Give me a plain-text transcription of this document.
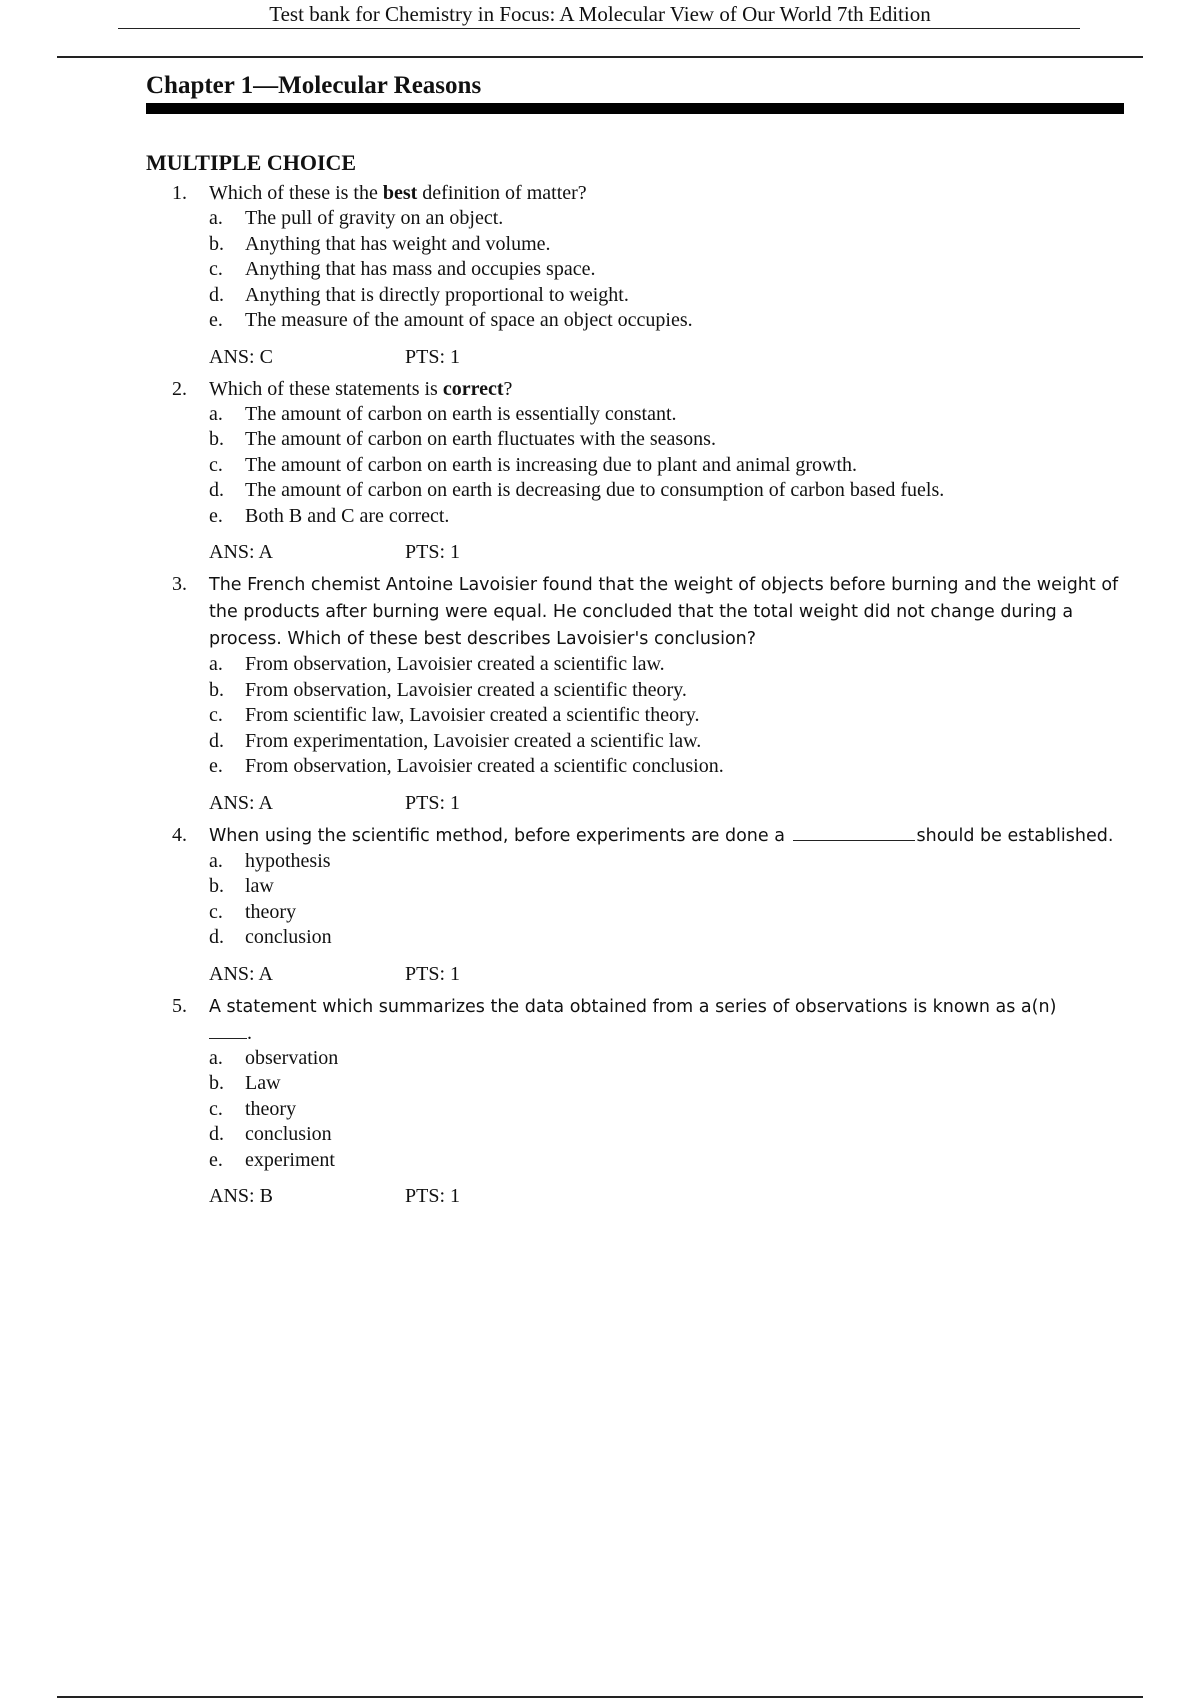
Test bank for Chemistry in Focus: A Molecular View of Our World 7th Edition
Chapter 1—Molecular Reasons
MULTIPLE CHOICE
1. Which of these is the best definition of matter?
a. The pull of gravity on an object.
b. Anything that has weight and volume.
c. Anything that has mass and occupies space.
d. Anything that is directly proportional to weight.
e. The measure of the amount of space an object occupies.
ANS: C	PTS: 1
2. Which of these statements is correct?
a. The amount of carbon on earth is essentially constant.
b. The amount of carbon on earth fluctuates with the seasons.
c. The amount of carbon on earth is increasing due to plant and animal growth.
d. The amount of carbon on earth is decreasing due to consumption of carbon based fuels.
e. Both B and C are correct.
ANS: A	PTS: 1
3. The French chemist Antoine Lavoisier found that the weight of objects before burning and the weight of the products after burning were equal. He concluded that the total weight did not change during a process. Which of these best describes Lavoisier's conclusion?
a. From observation, Lavoisier created a scientific law.
b. From observation, Lavoisier created a scientific theory.
c. From scientific law, Lavoisier created a scientific theory.
d. From experimentation, Lavoisier created a scientific law.
e. From observation, Lavoisier created a scientific conclusion.
ANS: A	PTS: 1
4. When using the scientific method, before experiments are done a	should be established.
a. hypothesis
b. law
c. theory
d. conclusion
ANS: A	PTS: 1
5. A statement which summarizes the data obtained from a series of observations is known as a(n)
.
a. observation
b. Law
c. theory
d. conclusion
e. experiment
ANS: B	PTS: 1
